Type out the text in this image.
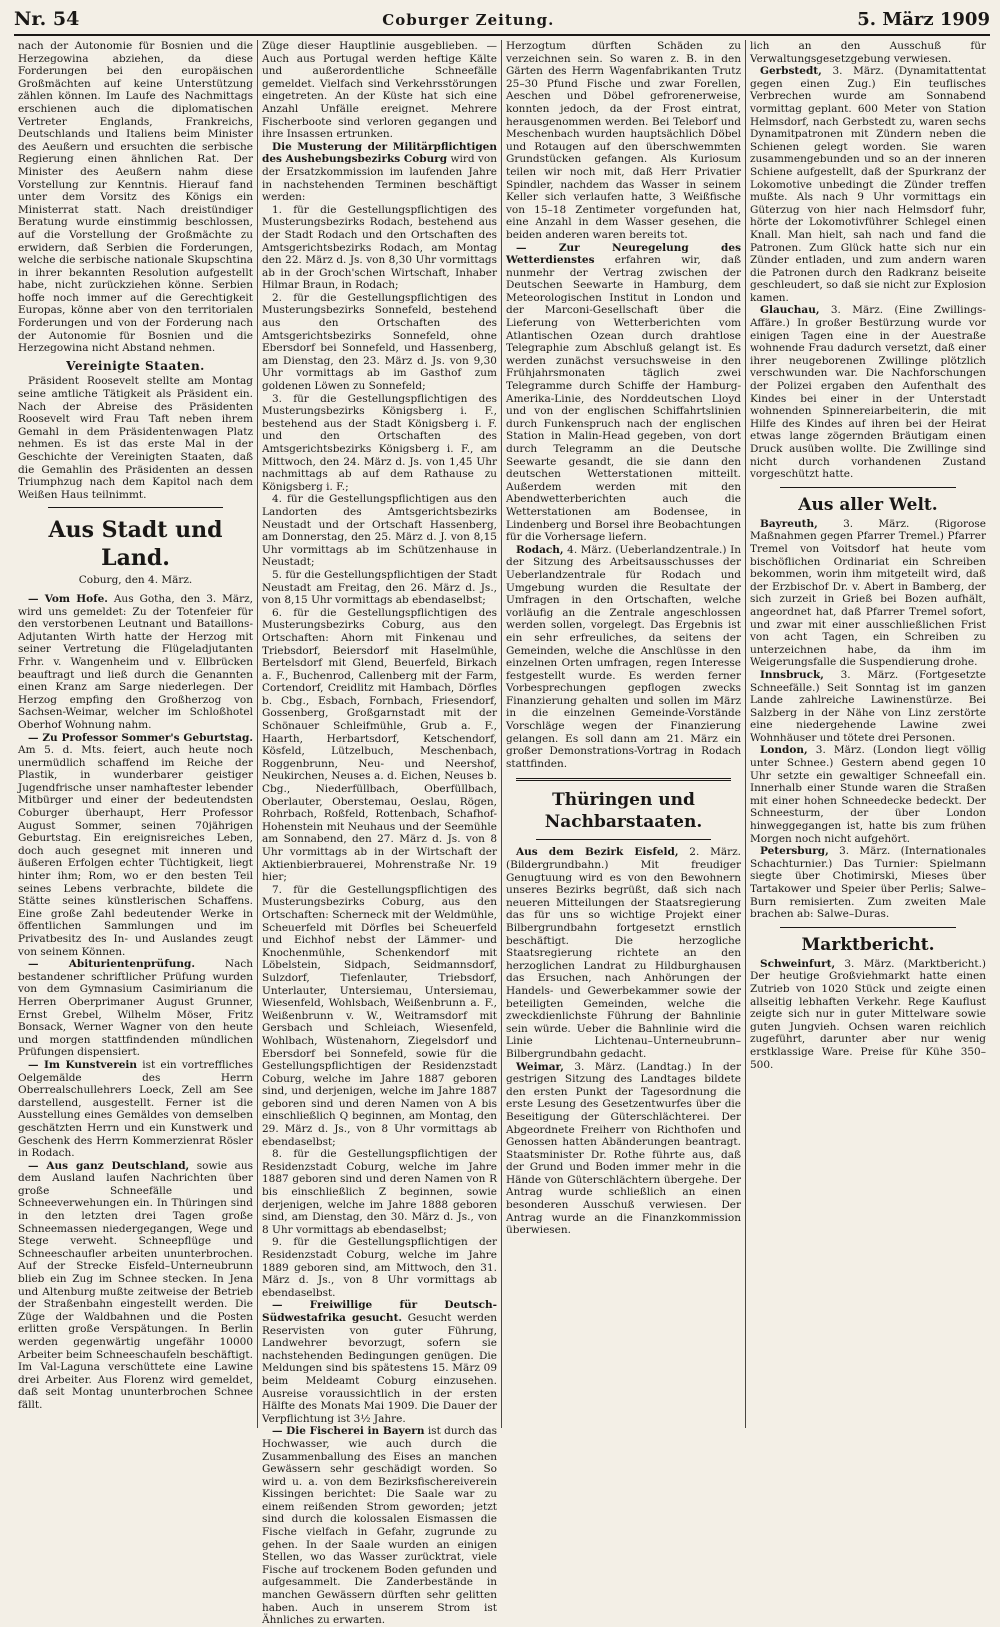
Nr. 54	Coburger Zeitung.	5. März 1909

nach der Autonomie für Bosnien und die Herzegowina abziehen, da diese Forderungen bei den europäischen Großmächten auf keine Unterstützung zählen können. Im Laufe des Nachmittags erschienen auch die diplomatischen Vertreter Englands, Frankreichs, Deutschlands und Italiens beim Minister des Aeußern und ersuchten die serbische Regierung einen ähnlichen Rat. Der Minister des Aeußern nahm diese Vorstellung zur Kenntnis. Hierauf fand unter dem Vorsitz des Königs ein Ministerrat statt. Nach dreistündiger Beratung wurde einstimmig beschlossen, auf die Vorstellung der Großmächte zu erwidern, daß Serbien die Forderungen, welche die serbische nationale Skupschtina in ihrer bekannten Resolution aufgestellt habe, nicht zurückziehen könne. Serbien hoffe noch immer auf die Gerechtigkeit Europas, könne aber von den territorialen Forderungen und von der Forderung nach der Autonomie für Bosnien und die Herzegowina nicht Abstand nehmen.

Vereinigte Staaten.

Präsident Roosevelt stellte am Montag seine amtliche Tätigkeit als Präsident ein. Nach der Abreise des Präsidenten Roosevelt wird Frau Taft neben ihrem Gemahl in dem Präsidentenwagen Platz nehmen. Es ist das erste Mal in der Geschichte der Vereinigten Staaten, daß die Gemahlin des Präsidenten an dessen Triumphzug nach dem Kapitol nach dem Weißen Haus teilnimmt.

Aus Stadt und Land.
Coburg, den 4. März.

— Vom Hofe. Aus Gotha, den 3. März, wird uns gemeldet: Zu der Totenfeier für den verstorbenen Leutnant und Bataillons-Adjutanten Wirth hatte der Herzog mit seiner Vertretung die Flügeladjutanten Frhr. v. Wangenheim und v. Ellbrücken beauftragt und ließ durch die Genannten einen Kranz am Sarge niederlegen. Der Herzog empfing den Großherzog von Sachsen-Weimar, welcher im Schloßhotel Oberhof Wohnung nahm.

— Zu Professor Sommer's Geburtstag. Am 5. d. Mts. feiert, auch heute noch unermüdlich schaffend im Reiche der Plastik, in wunderbarer geistiger Jugendfrische unser namhaftester lebender Mitbürger und einer der bedeutendsten Coburger überhaupt, Herr Professor August Sommer, seinen 70jährigen Geburtstag. Ein ereignisreiches Leben, doch auch gesegnet mit inneren und äußeren Erfolgen echter Tüchtigkeit, liegt hinter ihm; Rom, wo er den besten Teil seines Lebens verbrachte, bildete die Stätte seines künstlerischen Schaffens. Eine große Zahl bedeutender Werke in öffentlichen Sammlungen und im Privatbesitz des In- und Auslandes zeugt von seinem Können.

— Abiturientenprüfung. Nach bestandener schriftlicher Prüfung wurden von dem Gymnasium Casimirianum die Herren Oberprimaner August Grunner, Ernst Grebel, Wilhelm Möser, Fritz Bonsack, Werner Wagner von den heute und morgen stattfindenden mündlichen Prüfungen dispensiert.

— Im Kunstverein ist ein vortreffliches Oelgemälde des Herrn Oberrealschullehrers Loeck, Zell am See darstellend, ausgestellt. Ferner ist die Ausstellung eines Gemäldes von demselben geschätzten Herrn und ein Kunstwerk und Geschenk des Herrn Kommerzienrat Rösler in Rodach.

— Aus ganz Deutschland, sowie aus dem Ausland laufen Nachrichten über große Schneefälle und Schneeverwehungen ein. In Thüringen sind in den letzten drei Tagen große Schneemassen niedergegangen, Wege und Stege verweht. Schneepflüge und Schneeschaufler arbeiten ununterbrochen. Auf der Strecke Eisfeld–Unterneubrunn blieb ein Zug im Schnee stecken. In Jena und Altenburg mußte zeitweise der Betrieb der Straßenbahn eingestellt werden. Die Züge der Waldbahnen und die Posten erlitten große Verspätungen. In Berlin werden gegenwärtig ungefähr 10000 Arbeiter beim Schneeschaufeln beschäftigt. Im Val-Laguna verschüttete eine Lawine drei Arbeiter. Aus Florenz wird gemeldet, daß seit Montag ununterbrochen Schnee fällt.

Züge dieser Hauptlinie ausgeblieben. — Auch aus Portugal werden heftige Kälte und außerordentliche Schneefälle gemeldet. Vielfach sind Verkehrsstörungen eingetreten. An der Küste hat sich eine Anzahl Unfälle ereignet. Mehrere Fischerboote sind verloren gegangen und ihre Insassen ertrunken.

Die Musterung der Militärpflichtigen des Aushebungsbezirks Coburg wird von der Ersatzkommission im laufenden Jahre in nachstehenden Terminen beschäftigt werden:

1. für die Gestellungspflichtigen des Musterungsbezirks Rodach, bestehend aus der Stadt Rodach und den Ortschaften des Amtsgerichtsbezirks Rodach, am Montag den 22. März d. Js. von 8,30 Uhr vormittags ab in der Groch'schen Wirtschaft, Inhaber Hilmar Braun, in Rodach;

2. für die Gestellungspflichtigen des Musterungsbezirks Sonnefeld, bestehend aus den Ortschaften des Amtsgerichtsbezirks Sonnefeld, ohne Ebersdorf bei Sonnefeld, und Hassenberg, am Dienstag, den 23. März d. Js. von 9,30 Uhr vormittags ab im Gasthof zum goldenen Löwen zu Sonnefeld;

3. für die Gestellungspflichtigen des Musterungsbezirks Königsberg i. F., bestehend aus der Stadt Königsberg i. F. und den Ortschaften des Amtsgerichtsbezirks Königsberg i. F., am Mittwoch, den 24. März d. Js. von 1,45 Uhr nachmittags ab auf dem Rathause zu Königsberg i. F.;

4. für die Gestellungspflichtigen aus den Landorten des Amtsgerichtsbezirks Neustadt und der Ortschaft Hassenberg, am Donnerstag, den 25. März d. J. von 8,15 Uhr vormittags ab im Schützenhause in Neustadt;

5. für die Gestellungspflichtigen der Stadt Neustadt am Freitag, den 26. März d. Js., von 8,15 Uhr vormittags ab ebendaselbst;

6. für die Gestellungspflichtigen des Musterungsbezirks Coburg, aus den Ortschaften: Ahorn mit Finkenau und Triebsdorf, Beiersdorf mit Haselmühle, Bertelsdorf mit Glend, Beuerfeld, Birkach a. F., Buchenrod, Callenberg mit der Farm, Cortendorf, Creidlitz mit Hambach, Dörfles b. Cbg., Esbach, Fornbach, Friesendorf, Gossenberg, Großgarnstadt mit der Schönauer Schleifmühle, Grub a. F., Haarth, Herbartsdorf, Ketschendorf, Kösfeld, Lützelbuch, Meschenbach, Roggenbrunn, Neu- und Neershof, Neukirchen, Neuses a. d. Eichen, Neuses b. Cbg., Niederfüllbach, Oberfüllbach, Oberlauter, Oberstemau, Oeslau, Rögen, Rohrbach, Roßfeld, Rottenbach, Schafhof-Hohenstein mit Neuhaus und der Seemühle am Sonnabend, den 27. März d. Js. von 8 Uhr vormittags ab in der Wirtschaft der Aktienbierbrauerei, Mohrenstraße Nr. 19 hier;

7. für die Gestellungspflichtigen des Musterungsbezirks Coburg, aus den Ortschaften: Scherneck mit der Weldmühle, Scheuerfeld mit Dörfles bei Scheuerfeld und Eichhof nebst der Lämmer- und Knochenmühle, Schenkendorf mit Löbelstein, Sidpach, Seidmannsdorf, Sulzdorf, Tiefenlauter, Triebsdorf, Unterlauter, Untersiemau, Untersiemau, Wiesenfeld, Wohlsbach, Weißenbrunn a. F., Weißenbrunn v. W., Weitramsdorf mit Gersbach und Schleiach, Wiesenfeld, Wohlbach, Wüstenahorn, Ziegelsdorf und Ebersdorf bei Sonnefeld, sowie für die Gestellungspflichtigen der Residenzstadt Coburg, welche im Jahre 1887 geboren sind, und derjenigen, welche im Jahre 1887 geboren sind und deren Namen von A bis einschließlich Q beginnen, am Montag, den 29. März d. Js., von 8 Uhr vormittags ab ebendaselbst;

8. für die Gestellungspflichtigen der Residenzstadt Coburg, welche im Jahre 1887 geboren sind und deren Namen von R bis einschließlich Z beginnen, sowie derjenigen, welche im Jahre 1888 geboren sind, am Dienstag, den 30. März d. Js., von 8 Uhr vormittags ab ebendaselbst;

9. für die Gestellungspflichtigen der Residenzstadt Coburg, welche im Jahre 1889 geboren sind, am Mittwoch, den 31. März d. Js., von 8 Uhr vormittags ab ebendaselbst.

— Freiwillige für Deutsch-Südwestafrika gesucht. Gesucht werden Reservisten von guter Führung, Landwehrer bevorzugt, sofern sie nachstehenden Bedingungen genügen. Die Meldungen sind bis spätestens 15. März 09 beim Meldeamt Coburg einzusehen. Ausreise voraussichtlich in der ersten Hälfte des Monats Mai 1909. Die Dauer der Verpflichtung ist 3½ Jahre.

— Die Fischerei in Bayern ist durch das Hochwasser, wie auch durch die Zusammenballung des Eises an manchen Gewässern sehr geschädigt worden. So wird u. a. von dem Bezirksfischereiverein Kissingen berichtet: Die Saale war zu einem reißenden Strom geworden; jetzt sind durch die kolossalen Eismassen die Fische vielfach in Gefahr, zugrunde zu gehen. In der Saale wurden an einigen Stellen, wo das Wasser zurücktrat, viele Fische auf trockenem Boden gefunden und aufgesammelt. Die Zanderbestände in manchen Gewässern dürften sehr gelitten haben. Auch in unserem Strom ist Ähnliches zu erwarten.

Herzogtum dürften Schäden zu verzeichnen sein. So waren z. B. in den Gärten des Herrn Wagenfabrikanten Trutz 25–30 Pfund Fische und zwar Forellen, Aeschen und Döbel gefrorenerweise, konnten jedoch, da der Frost eintrat, herausgenommen werden. Bei Teleborf und Meschenbach wurden hauptsächlich Döbel und Rotaugen auf den überschwemmten Grundstücken gefangen. Als Kuriosum teilen wir noch mit, daß Herr Privatier Spindler, nachdem das Wasser in seinem Keller sich verlaufen hatte, 3 Weißfische von 15–18 Zentimeter vorgefunden hat, eine Anzahl in dem Wasser gesehen, die beiden anderen waren bereits tot.

— Zur Neuregelung des Wetterdienstes erfahren wir, daß nunmehr der Vertrag zwischen der Deutschen Seewarte in Hamburg, dem Meteorologischen Institut in London und der Marconi-Gesellschaft über die Lieferung von Wetterberichten vom Atlantischen Ozean durch drahtlose Telegraphie zum Abschluß gelangt ist. Es werden zunächst versuchsweise in den Frühjahrsmonaten täglich zwei Telegramme durch Schiffe der Hamburg-Amerika-Linie, des Norddeutschen Lloyd und von der englischen Schiffahrtslinien durch Funkenspruch nach der englischen Station in Malin-Head gegeben, von dort durch Telegramm an die Deutsche Seewarte gesandt, die sie dann den deutschen Wetterstationen mitteilt. Außerdem werden mit den Abendwetterberichten auch die Wetterstationen am Bodensee, in Lindenberg und Borsel ihre Beobachtungen für die Vorhersage liefern.

Rodach, 4. März. (Ueberlandzentrale.) In der Sitzung des Arbeitsausschusses der Ueberlandzentrale für Rodach und Umgebung wurden die Resultate der Umfragen in den Ortschaften, welche vorläufig an die Zentrale angeschlossen werden sollen, vorgelegt. Das Ergebnis ist ein sehr erfreuliches, da seitens der Gemeinden, welche die Anschlüsse in den einzelnen Orten umfragen, regen Interesse festgestellt wurde. Es werden ferner Vorbesprechungen gepflogen zwecks Finanzierung gehalten und sollen im März in die einzelnen Gemeinde-Vorstände Vorschläge wegen der Finanzierung gelangen. Es soll dann am 21. März ein großer Demonstrations-Vortrag in Rodach stattfinden.

Thüringen und Nachbarstaaten.

Aus dem Bezirk Eisfeld, 2. März. (Bildergrundbahn.) Mit freudiger Genugtuung wird es von den Bewohnern unseres Bezirks begrüßt, daß sich nach neueren Mitteilungen der Staatsregierung das für uns so wichtige Projekt einer Bilbergrundbahn fortgesetzt ernstlich beschäftigt. Die herzogliche Staatsregierung richtete an den herzoglichen Landrat zu Hildburghausen das Ersuchen, nach Anhörungen der Handels- und Gewerbekammer sowie der beteiligten Gemeinden, welche die zweckdienlichste Führung der Bahnlinie sein würde. Ueber die Bahnlinie wird die Linie Lichtenau–Unterneubrunn–Bilbergrundbahn gedacht.

Weimar, 3. März. (Landtag.) In der gestrigen Sitzung des Landtages bildete den ersten Punkt der Tagesordnung die erste Lesung des Gesetzentwurfes über die Beseitigung der Güterschlächterei. Der Abgeordnete Freiherr von Richthofen und Genossen hatten Abänderungen beantragt. Staatsminister Dr. Rothe führte aus, daß der Grund und Boden immer mehr in die Hände von Güterschlächtern übergehe. Der Antrag wurde schließlich an einen besonderen Ausschuß verwiesen. Der Antrag wurde an die Finanzkommission überwiesen.

lich an den Ausschuß für Verwaltungsgesetzgebung verwiesen.

Gerbstedt, 3. März. (Dynamitattentat gegen einen Zug.) Ein teuflisches Verbrechen wurde am Sonnabend vormittag geplant. 600 Meter von Station Helmsdorf, nach Gerbstedt zu, waren sechs Dynamitpatronen mit Zündern neben die Schienen gelegt worden. Sie waren zusammengebunden und so an der inneren Schiene aufgestellt, daß der Spurkranz der Lokomotive unbedingt die Zünder treffen mußte. Als nach 9 Uhr vormittags ein Güterzug von hier nach Helmsdorf fuhr, hörte der Lokomotivführer Schlegel einen Knall. Man hielt, sah nach und fand die Patronen. Zum Glück hatte sich nur ein Zünder entladen, und zum andern waren die Patronen durch den Radkranz beiseite geschleudert, so daß sie nicht zur Explosion kamen.

Glauchau, 3. März. (Eine Zwillings-Affäre.) In großer Bestürzung wurde vor einigen Tagen eine in der Auestraße wohnende Frau dadurch versetzt, daß einer ihrer neugeborenen Zwillinge plötzlich verschwunden war. Die Nachforschungen der Polizei ergaben den Aufenthalt des Kindes bei einer in der Unterstadt wohnenden Spinnereiarbeiterin, die mit Hilfe des Kindes auf ihren bei der Heirat etwas lange zögernden Bräutigam einen Druck ausüben wollte. Die Zwillinge sind nicht durch vorhandenen Zustand vorgeschützt hatte.

Aus aller Welt.

Bayreuth, 3. März. (Rigorose Maßnahmen gegen Pfarrer Tremel.) Pfarrer Tremel von Voitsdorf hat heute vom bischöflichen Ordinariat ein Schreiben bekommen, worin ihm mitgeteilt wird, daß der Erzbischof Dr. v. Abert in Bamberg, der sich zurzeit in Grieß bei Bozen aufhält, angeordnet hat, daß Pfarrer Tremel sofort, und zwar mit einer ausschließlichen Frist von acht Tagen, ein Schreiben zu unterzeichnen habe, da ihm im Weigerungsfalle die Suspendierung drohe.

Innsbruck, 3. März. (Fortgesetzte Schneefälle.) Seit Sonntag ist im ganzen Lande zahlreiche Lawinenstürze. Bei Salzberg in der Nähe von Linz zerstörte eine niedergehende Lawine zwei Wohnhäuser und tötete drei Personen.

London, 3. März. (London liegt völlig unter Schnee.) Gestern abend gegen 10 Uhr setzte ein gewaltiger Schneefall ein. Innerhalb einer Stunde waren die Straßen mit einer hohen Schneedecke bedeckt. Der Schneesturm, der über London hinweggegangen ist, hatte bis zum frühen Morgen noch nicht aufgehört.

Petersburg, 3. März. (Internationales Schachturnier.) Das Turnier: Spielmann siegte über Chotimirski, Mieses über Tartakower und Speier über Perlis; Salwe–Burn remisierten. Zum zweiten Male brachen ab: Salwe–Duras.

Marktbericht.

Schweinfurt, 3. März. (Marktbericht.) Der heutige Großviehmarkt hatte einen Zutrieb von 1020 Stück und zeigte einen allseitig lebhaften Verkehr. Rege Kauflust zeigte sich nur in guter Mittelware sowie guten Jungvieh. Ochsen waren reichlich zugeführt, darunter aber nur wenig erstklassige Ware. Preise für Kühe 350–500.
